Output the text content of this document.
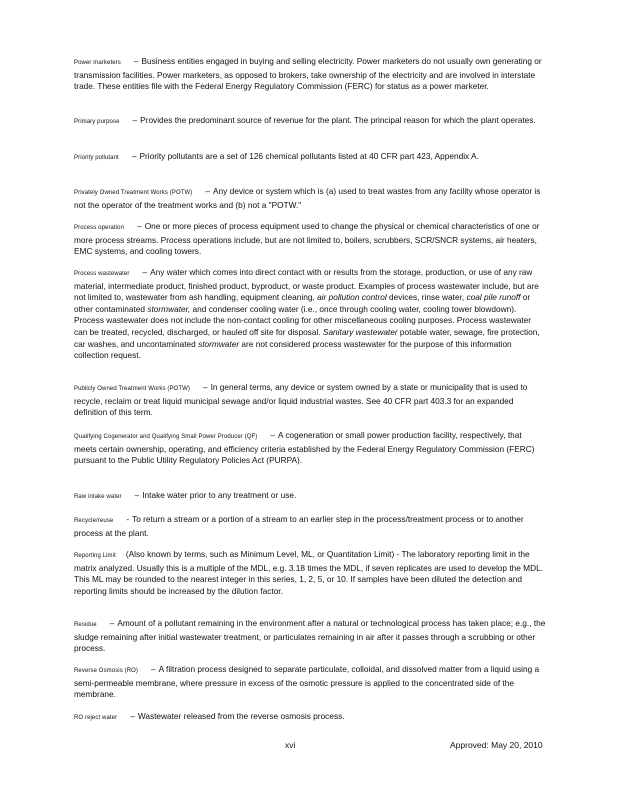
Power marketers – Business entities engaged in buying and selling electricity. Power marketers do not usually own generating or transmission facilities. Power marketers, as opposed to brokers, take ownership of the electricity and are involved in interstate trade. These entities file with the Federal Energy Regulatory Commission (FERC) for status as a power marketer.
Primary purpose – Provides the predominant source of revenue for the plant. The principal reason for which the plant operates.
Priority pollutant – Priority pollutants are a set of 126 chemical pollutants listed at 40 CFR part 423, Appendix A.
Privately Owned Treatment Works (POTW) – Any device or system which is (a) used to treat wastes from any facility whose operator is not the operator of the treatment works and (b) not a "POTW."
Process operation – One or more pieces of process equipment used to change the physical or chemical characteristics of one or more process streams. Process operations include, but are not limited to, boilers, scrubbers, SCR/SNCR systems, air heaters, EMC systems, and cooling towers.
Process wastewater – Any water which comes into direct contact with or results from the storage, production, or use of any raw material, intermediate product, finished product, byproduct, or waste product. Examples of process wastewater include, but are not limited to, wastewater from ash handling, equipment cleaning, air pollution control devices, rinse water, coal pile runoff or other contaminated stormwater, and condenser cooling water (i.e., once through cooling water, cooling tower blowdown). Process wastewater does not include the non-contact cooling for other miscellaneous cooling purposes. Process wastewater can be treated, recycled, discharged, or hauled off site for disposal. Sanitary wastewater potable water, sewage, fire protection, car washes, and uncontaminated stormwater are not considered process wastewater for the purpose of this information collection request.
Publicly Owned Treatment Works (POTW) – In general terms, any device or system owned by a state or municipality that is used to recycle, reclaim or treat liquid municipal sewage and/or liquid industrial wastes. See 40 CFR part 403.3 for an expanded definition of this term.
Qualifying Cogenerator and Qualifying Small Power Producer (QF) – A cogeneration or small power production facility, respectively, that meets certain ownership, operating, and efficiency criteria established by the Federal Energy Regulatory Commission (FERC) pursuant to the Public Utility Regulatory Policies Act (PURPA).
Raw intake water – Intake water prior to any treatment or use.
Recycle/reuse - To return a stream or a portion of a stream to an earlier step in the process/treatment process or to another process at the plant.
Reporting Limit (Also known by terms, such as Minimum Level, ML, or Quantitation Limit) - The laboratory reporting limit in the matrix analyzed. Usually this is a multiple of the MDL, e.g. 3.18 times the MDL, if seven replicates are used to develop the MDL. This ML may be rounded to the nearest integer in this series, 1, 2, 5, or 10. If samples have been diluted the detection and reporting limits should be increased by the dilution factor.
Residue – Amount of a pollutant remaining in the environment after a natural or technological process has taken place; e.g., the sludge remaining after initial wastewater treatment, or particulates remaining in air after it passes through a scrubbing or other process.
Reverse Osmosis (RO) – A filtration process designed to separate particulate, colloidal, and dissolved matter from a liquid using a semi-permeable membrane, where pressure in excess of the osmotic pressure is applied to the concentrated side of the membrane.
RO reject water – Wastewater released from the reverse osmosis process.
xvi	Approved: May 20, 2010
